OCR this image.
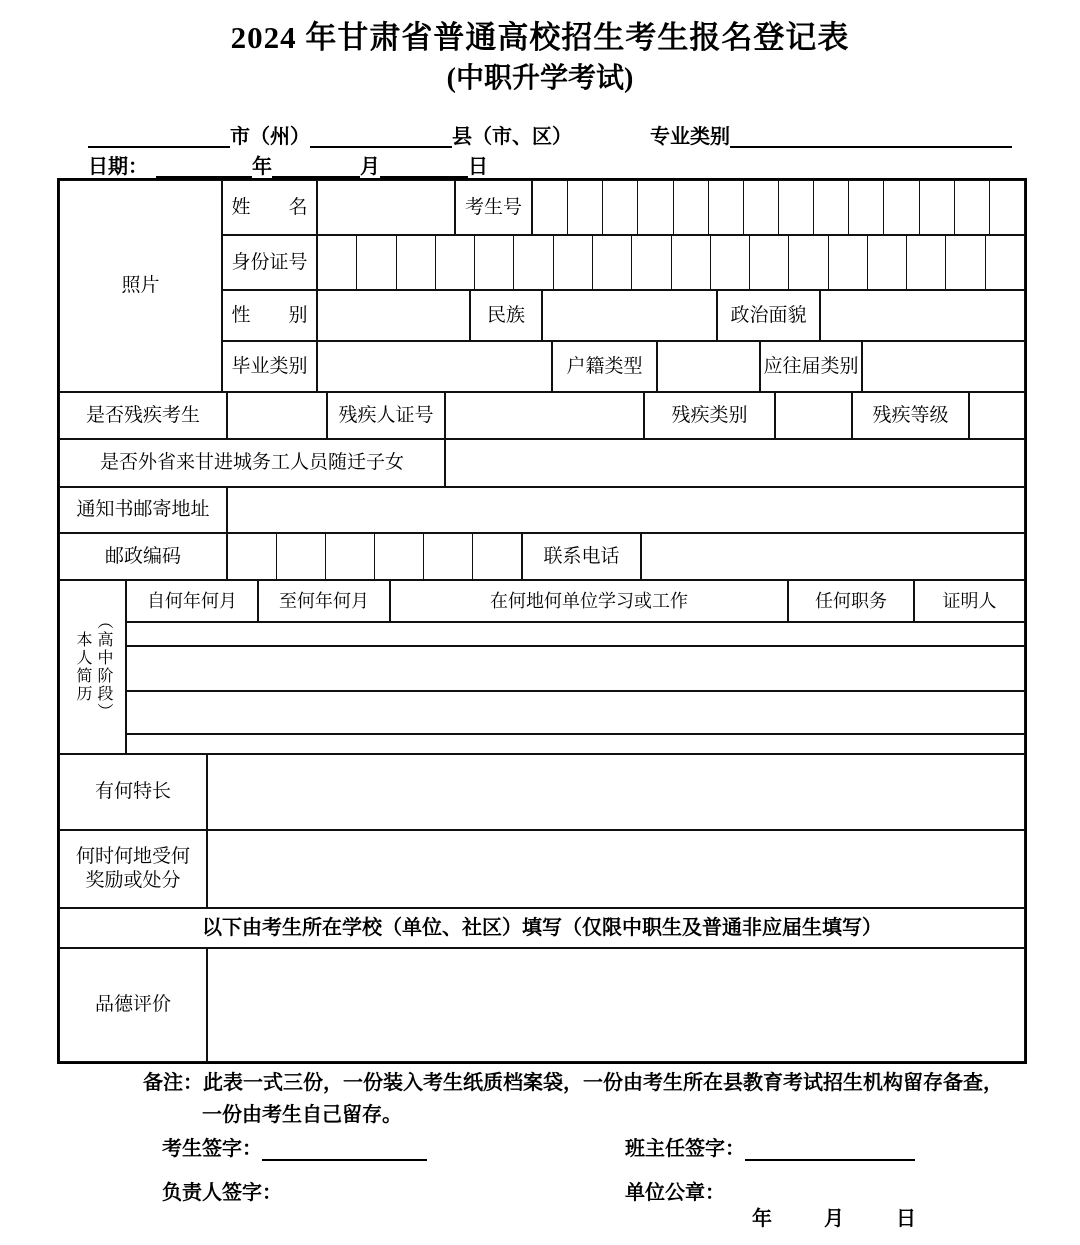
2024 年甘肃省普通高校招生考生报名登记表
(中职升学考试)
市（州）	县（市、区）	专业类别
日期：	年	月	日
照片
姓　　名	考生号
身份证号
性　　别	民族	政治面貌
毕业类别	户籍类型	应往届类别
是否残疾考生	残疾人证号	残疾类别	残疾等级
是否外省来甘进城务工人员随迁子女
通知书邮寄地址
邮政编码	联系电话
本人简历 （高中阶段）
自何年何月	至何年何月	在何地何单位学习或工作	任何职务	证明人
有何特长
何时何地受何
奖励或处分
以下由考生所在学校（单位、社区）填写（仅限中职生及普通非应届生填写）
品德评价
备注：此表一式三份，一份装入考生纸质档案袋，一份由考生所在县教育考试招生机构留存备查，
一份由考生自己留存。
考生签字：	班主任签字：
负责人签字：	单位公章：
年	月	日
